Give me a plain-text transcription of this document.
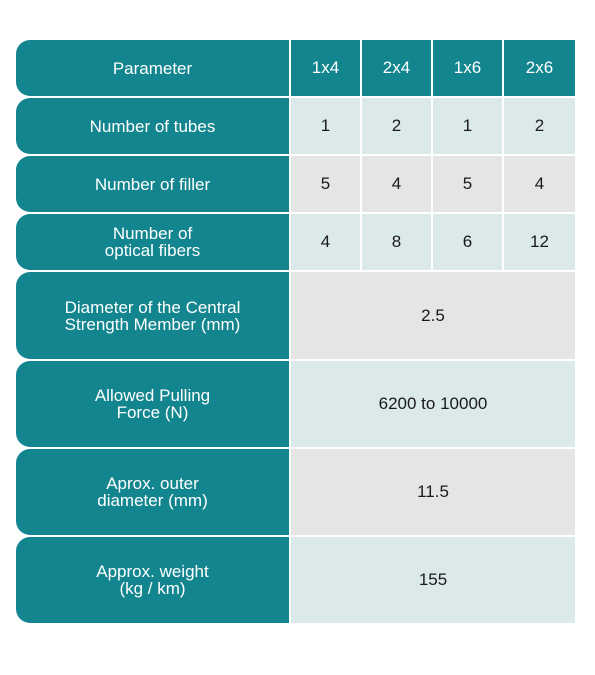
Parameter	1x4	2x4	1x6	2x6
Number of tubes	1	2	1	2
Number of filler	5	4	5	4
Number of
optical fibers	4	8	6	12
Diameter of the Central
Strength Member (mm)	2.5
Allowed Pulling
Force (N)	6200 to 10000
Aprox. outer
diameter (mm)	11.5
Approx. weight
(kg / km)	155
